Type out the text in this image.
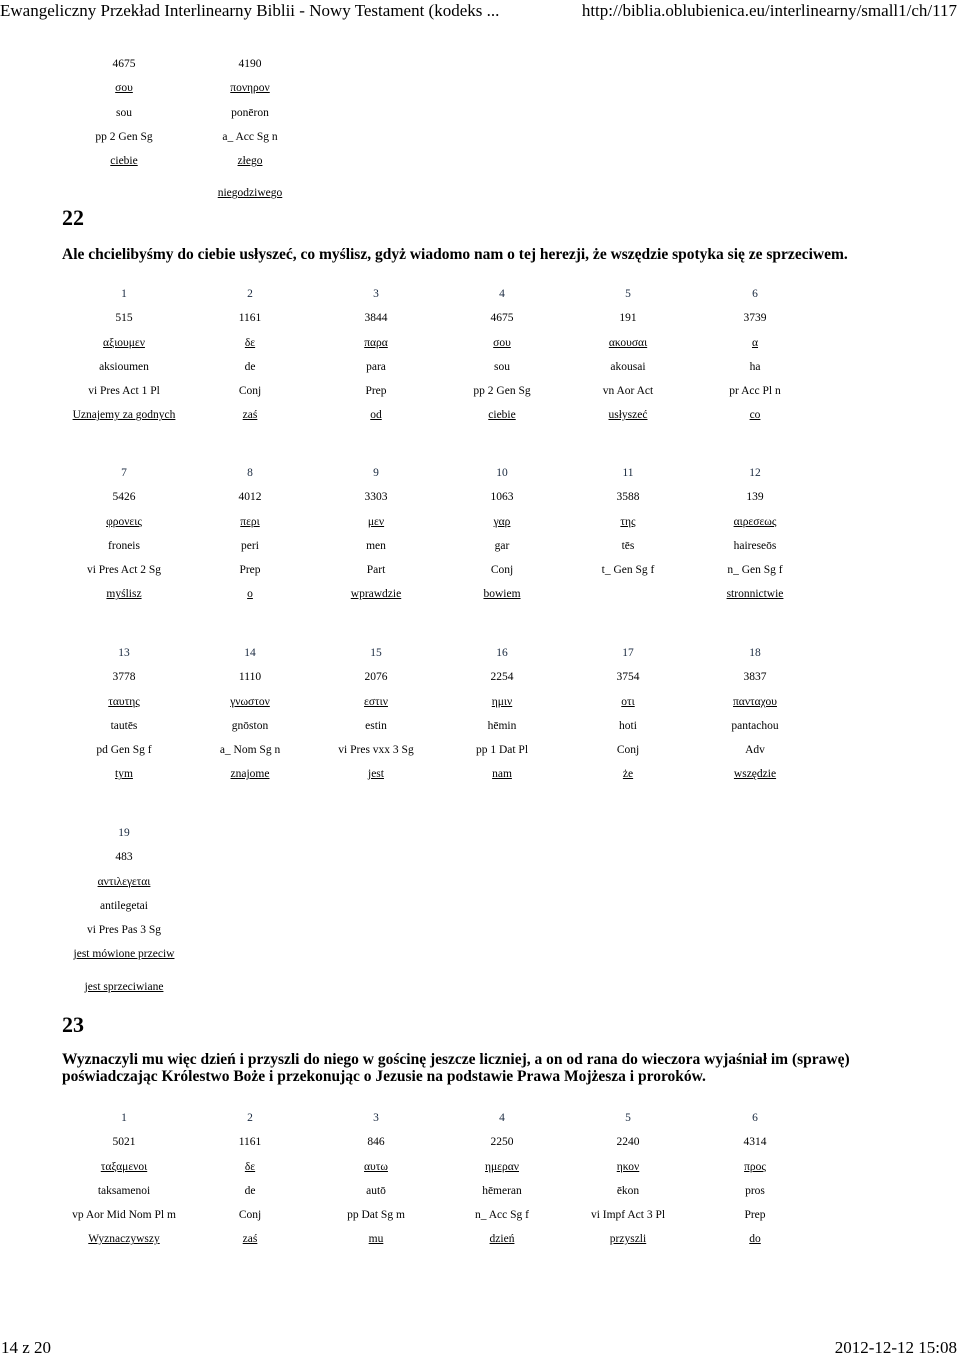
Ewangeliczny Przekład Interlinearny Biblii - Nowy Testament (kodeks ...	http://biblia.oblubienica.eu/interlinearny/small1/ch/117
4675
σου
sou
pp 2 Gen Sg
ciebie
4190
πονηρον
ponēron
a_ Acc Sg n
złego
niegodziwego
1
515
αξιουμεν
aksioumen
vi Pres Act 1 Pl
Uznajemy za godnych
2
1161
δε
de
Conj
zaś
3
3844
παρα
para
Prep
od
4
4675
σου
sou
pp 2 Gen Sg
ciebie
5
191
ακουσαι
akousai
vn Aor Act
usłyszeć
6
3739
α
ha
pr Acc Pl n
co
7
5426
φρονεις
froneis
vi Pres Act 2 Sg
myślisz
8
4012
περι
peri
Prep
o
9
3303
μεν
men
Part
wprawdzie
10
1063
γαρ
gar
Conj
bowiem
11
3588
της
tēs
t_ Gen Sg f
12
139
αιρεσεως
haireseōs
n_ Gen Sg f
stronnictwie
13
3778
ταυτης
tautēs
pd Gen Sg f
tym
14
1110
γνωστον
gnōston
a_ Nom Sg n
znajome
15
2076
εστιν
estin
vi Pres vxx 3 Sg
jest
16
2254
ημιν
hēmin
pp 1 Dat Pl
nam
17
3754
οτι
hoti
Conj
że
18
3837
πανταχου
pantachou
Adv
wszędzie
19
483
αντιλεγεται
antilegetai
vi Pres Pas 3 Sg
jest mówione przeciw
jest sprzeciwiane
1
5021
ταξαμενοι
taksamenoi
vp Aor Mid Nom Pl m
Wyznaczywszy
2
1161
δε
de
Conj
zaś
3
846
αυτω
autō
pp Dat Sg m
mu
4
2250
ημεραν
hēmeran
n_ Acc Sg f
dzień
5
2240
ηκον
ēkon
vi Impf Act 3 Pl
przyszli
6
4314
προς
pros
Prep
do
22
Ale chcielibyśmy do ciebie usłyszeć, co myślisz, gdyż wiadomo nam o tej herezji, że wszędzie spotyka się ze sprzeciwem.
23
Wyznaczyli mu więc dzień i przyszli do niego w gościnę jeszcze liczniej, a on od rana do wieczora wyjaśniał im (sprawę) poświadczając Królestwo Boże i przekonując o Jezusie na podstawie Prawa Mojżesza i proroków.
14 z 20	2012-12-12 15:08
